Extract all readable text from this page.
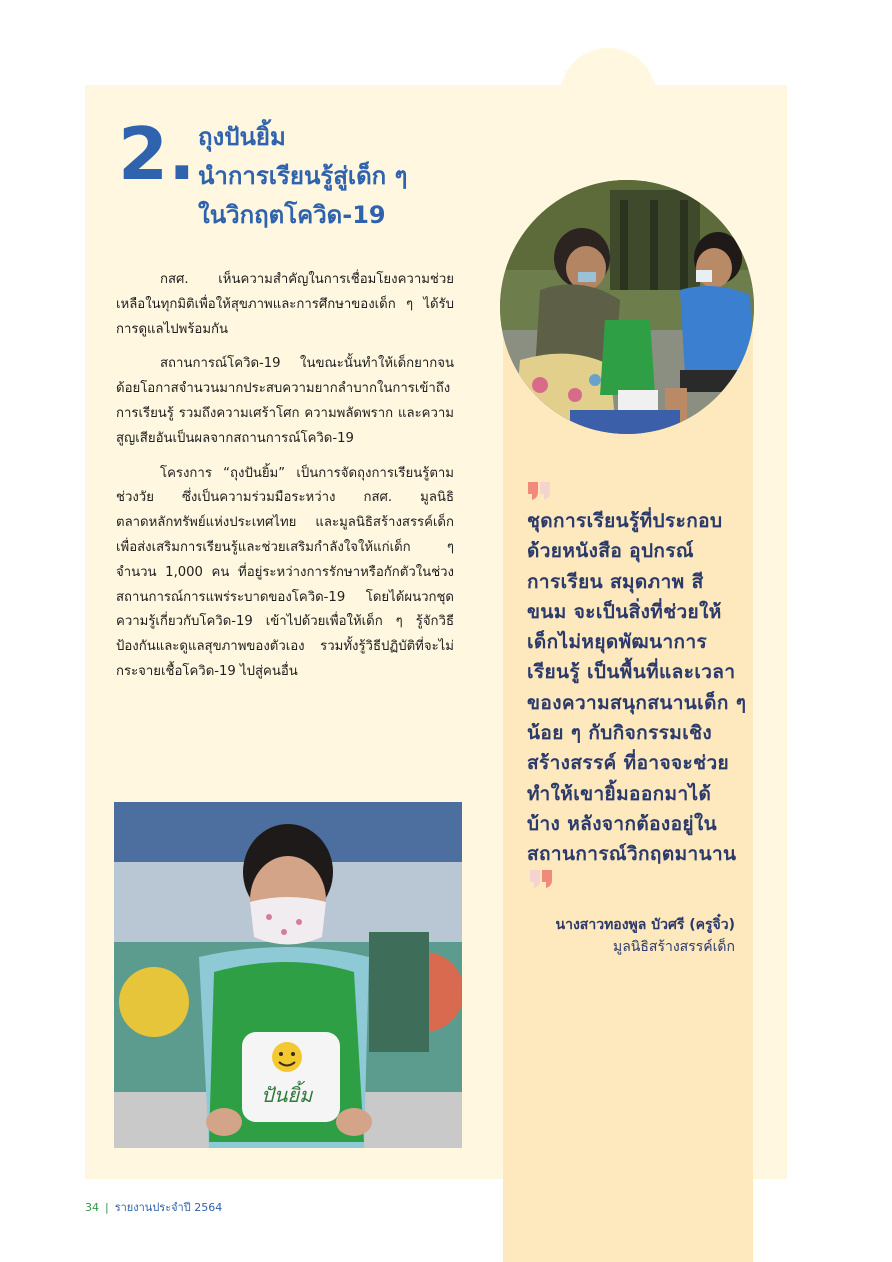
2. ถุงปันยิ้ม
นำการเรียนรู้สู่เด็ก ๆ
ในวิกฤตโควิด-19

กสศ. เห็นความสำคัญในการเชื่อมโยงความช่วยเหลือในทุกมิติเพื่อให้สุขภาพและการศึกษาของเด็ก ๆ ได้รับการดูแลไปพร้อมกัน

สถานการณ์โควิด-19 ในขณะนั้นทำให้เด็กยากจนด้อยโอกาสจำนวนมากประสบความยากลำบากในการเข้าถึงการเรียนรู้ รวมถึงความเศร้าโศก ความพลัดพราก และความสูญเสียอันเป็นผลจากสถานการณ์โควิด-19

โครงการ “ถุงปันยิ้ม” เป็นการจัดถุงการเรียนรู้ตามช่วงวัย ซึ่งเป็นความร่วมมือระหว่าง กสศ. มูลนิธิตลาดหลักทรัพย์แห่งประเทศไทย และมูลนิธิสร้างสรรค์เด็ก เพื่อส่งเสริมการเรียนรู้และช่วยเสริมกำลังใจให้แก่เด็ก ๆ จำนวน 1,000 คน ที่อยู่ระหว่างการรักษาหรือกักตัวในช่วงสถานการณ์การแพร่ระบาดของโควิด-19 โดยได้ผนวกชุดความรู้เกี่ยวกับโควิด-19 เข้าไปด้วยเพื่อให้เด็ก ๆ รู้จักวิธีป้องกันและดูแลสุขภาพของตัวเอง รวมทั้งรู้วิธีปฏิบัติที่จะไม่กระจายเชื้อโควิด-19 ไปสู่คนอื่น

ปันยิ้ม
ชุดการเรียนรู้ที่ประกอบ
ด้วยหนังสือ อุปกรณ์
การเรียน สมุดภาพ สี
ขนม จะเป็นสิ่งที่ช่วยให้
เด็กไม่หยุดพัฒนาการ
เรียนรู้ เป็นพื้นที่และเวลา
ของความสนุกสนานเด็ก ๆ
น้อย ๆ กับกิจกรรมเชิง
สร้างสรรค์ ที่อาจจะช่วย
ทำให้เขายิ้มออกมาได้
บ้าง หลังจากต้องอยู่ใน
สถานการณ์วิกฤตมานาน
นางสาวทองพูล บัวศรี (ครูจิ๋ว)
มูลนิธิสร้างสรรค์เด็ก
34 | รายงานประจำปี 2564
